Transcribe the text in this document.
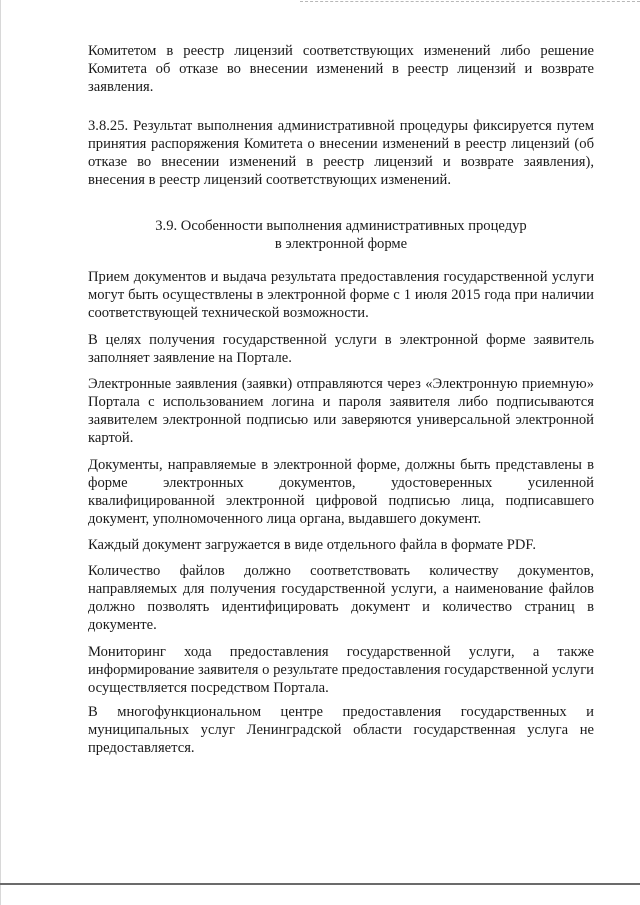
Комитетом в реестр лицензий соответствующих изменений либо решение Комитета об отказе во внесении изменений в реестр лицензий и возврате заявления.
3.8.25. Результат выполнения административной процедуры фиксируется путем принятия распоряжения Комитета о внесении изменений в реестр лицензий (об отказе во внесении изменений в реестр лицензий и возврате заявления), внесения в реестр лицензий соответствующих изменений.
3.9. Особенности выполнения административных процедур
в электронной форме
Прием документов и выдача результата предоставления государственной услуги могут быть осуществлены в электронной форме с 1 июля 2015 года при наличии соответствующей технической возможности.
В целях получения государственной услуги в электронной форме заявитель заполняет заявление на Портале.
Электронные заявления (заявки) отправляются через «Электронную приемную» Портала с использованием логина и пароля заявителя либо подписываются заявителем электронной подписью или заверяются универсальной электронной картой.
Документы, направляемые в электронной форме, должны быть представлены в форме электронных документов, удостоверенных усиленной квалифицированной электронной цифровой подписью лица, подписавшего документ, уполномоченного лица органа, выдавшего документ.
Каждый документ загружается в виде отдельного файла в формате PDF.
Количество файлов должно соответствовать количеству документов, направляемых для получения государственной услуги, а наименование файлов должно позволять идентифицировать документ и количество страниц в документе.
Мониторинг хода предоставления государственной услуги, а также информирование заявителя о результате предоставления государственной услуги осуществляется посредством Портала.
В многофункциональном центре предоставления государственных и муниципальных услуг Ленинградской области государственная услуга не предоставляется.
